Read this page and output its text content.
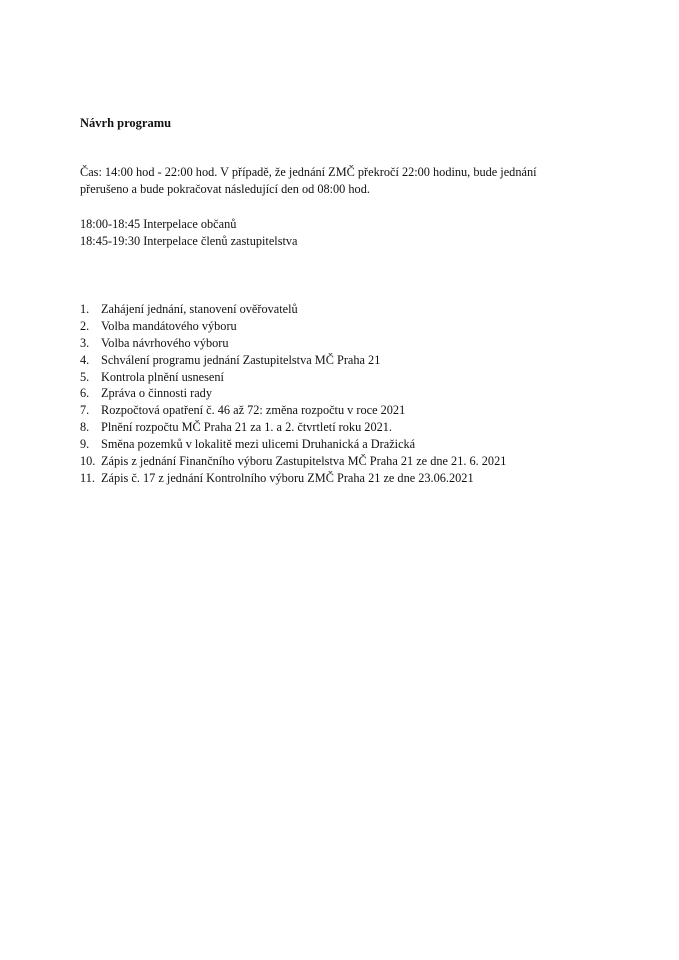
Návrh programu

Čas: 14:00 hod - 22:00 hod. V případě, že jednání ZMČ překročí 22:00 hodinu, bude jednání
přerušeno a bude pokračovat následující den od 08:00 hod.

18:00-18:45 Interpelace občanů

18:45-19:30 Interpelace členů zastupitelstva

1. Zahájení jednání, stanovení ověřovatelů
2. Volba mandátového výboru
3. Volba návrhového výboru
4. Schválení programu jednání Zastupitelstva MČ Praha 21
5. Kontrola plnění usnesení
6. Zpráva o činnosti rady
7. Rozpočtová opatření č. 46 až 72: změna rozpočtu v roce 2021
8. Plnění rozpočtu MČ Praha 21 za 1. a 2. čtvrtletí roku 2021.
9. Směna pozemků v lokalitě mezi ulicemi Druhanická a Dražická
10. Zápis z jednání Finančního výboru Zastupitelstva MČ Praha 21 ze dne 21. 6. 2021
11. Zápis č. 17 z jednání Kontrolního výboru ZMČ Praha 21 ze dne 23.06.2021
